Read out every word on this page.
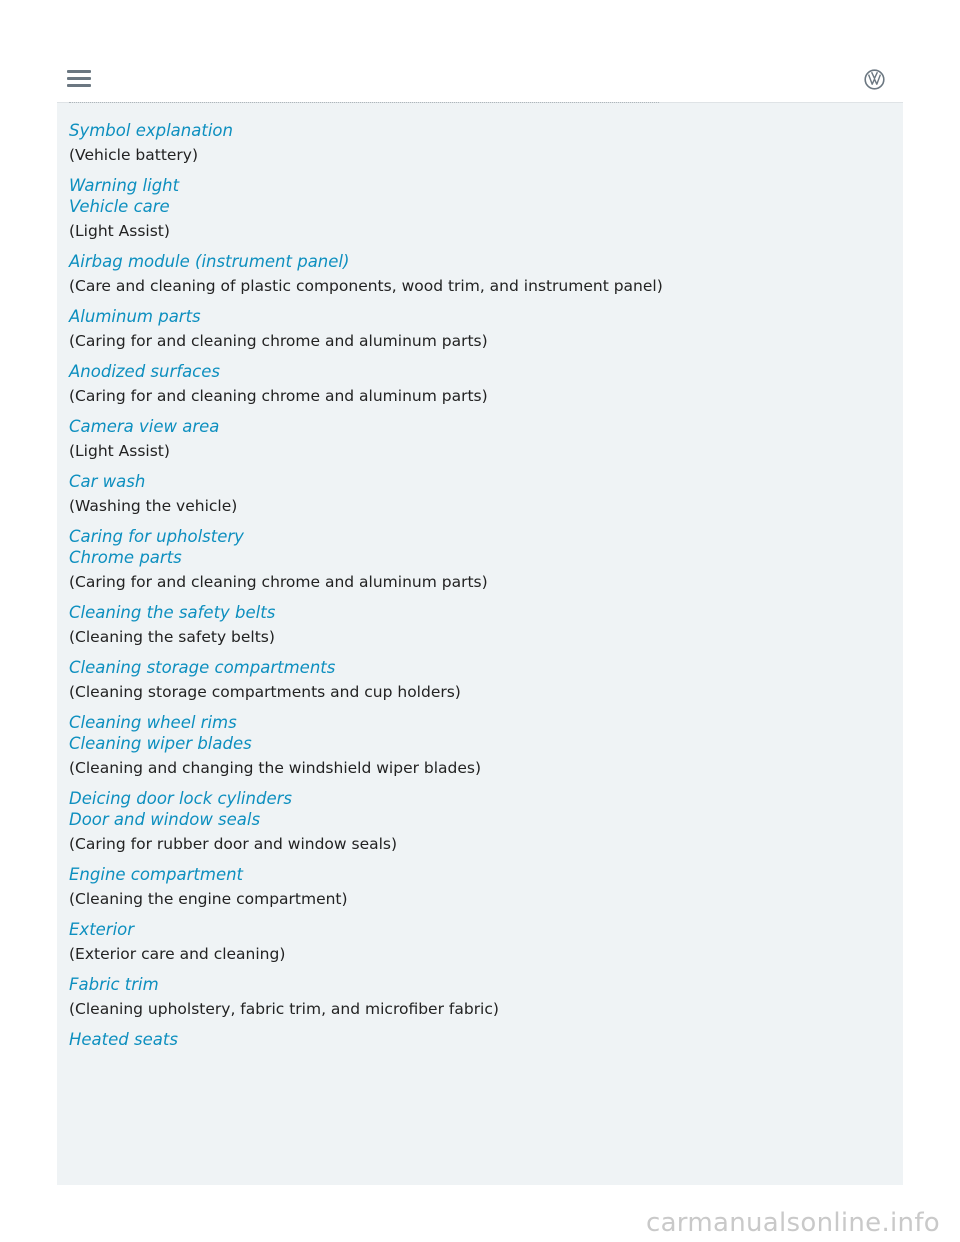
Symbol explanation
(Vehicle battery)
Warning light
Vehicle care
(Light Assist)
Airbag module (instrument panel)
(Care and cleaning of plastic components, wood trim, and instrument panel)
Aluminum parts
(Caring for and cleaning chrome and aluminum parts)
Anodized surfaces
(Caring for and cleaning chrome and aluminum parts)
Camera view area
(Light Assist)
Car wash
(Washing the vehicle)
Caring for upholstery
Chrome parts
(Caring for and cleaning chrome and aluminum parts)
Cleaning the safety belts
(Cleaning the safety belts)
Cleaning storage compartments
(Cleaning storage compartments and cup holders)
Cleaning wheel rims
Cleaning wiper blades
(Cleaning and changing the windshield wiper blades)
Deicing door lock cylinders
Door and window seals
(Caring for rubber door and window seals)
Engine compartment
(Cleaning the engine compartment)
Exterior
(Exterior care and cleaning)
Fabric trim
(Cleaning upholstery, fabric trim, and microfiber fabric)
Heated seats
carmanualsonline.info
